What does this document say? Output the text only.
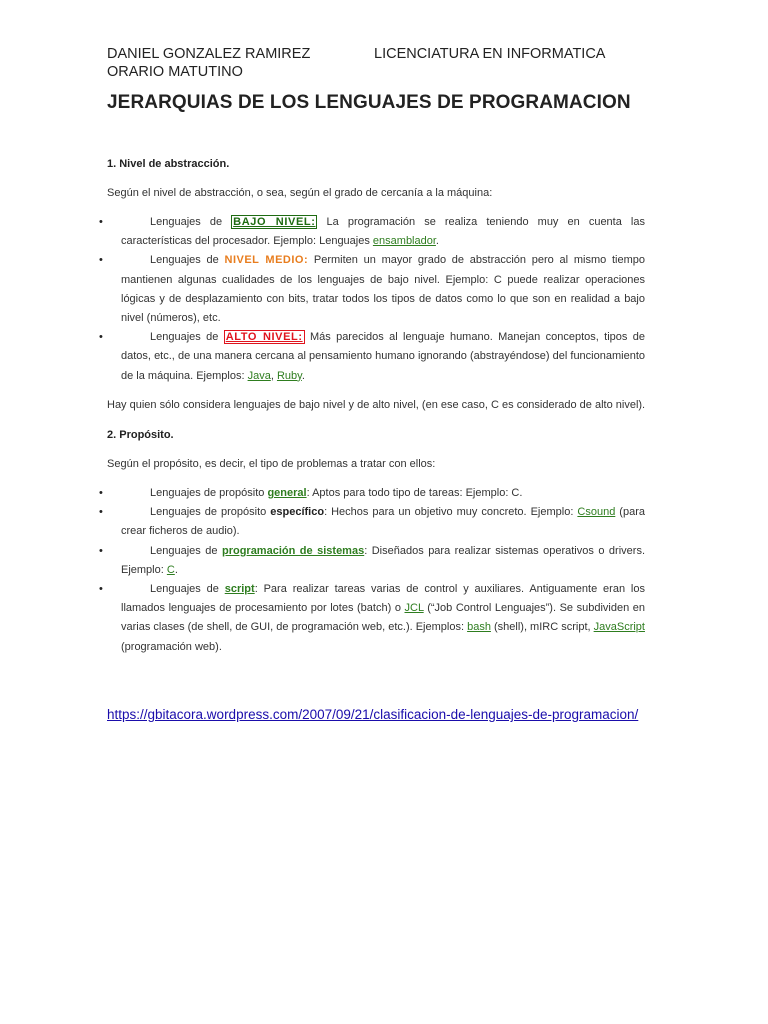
DANIEL GONZALEZ RAMIREZ	LICENCIATURA EN INFORMATICA
ORARIO MATUTINO
JERARQUIAS DE LOS LENGUAJES DE PROGRAMACION
1. Nivel de abstracción.
Según el nivel de abstracción, o sea, según el grado de cercanía a la máquina:
•	Lenguajes de BAJO NIVEL: La programación se realiza teniendo muy en cuenta las características del procesador. Ejemplo: Lenguajes ensamblador.
•	Lenguajes de NIVEL MEDIO: Permiten un mayor grado de abstracción pero al mismo tiempo mantienen algunas cualidades de los lenguajes de bajo nivel. Ejemplo: C puede realizar operaciones lógicas y de desplazamiento con bits, tratar todos los tipos de datos como lo que son en realidad a bajo nivel (números), etc.
•	Lenguajes de ALTO NIVEL: Más parecidos al lenguaje humano. Manejan conceptos, tipos de datos, etc., de una manera cercana al pensamiento humano ignorando (abstrayéndose) del funcionamiento de la máquina. Ejemplos: Java, Ruby.
Hay quien sólo considera lenguajes de bajo nivel y de alto nivel, (en ese caso, C es considerado de alto nivel).
2. Propósito.
Según el propósito, es decir, el tipo de problemas a tratar con ellos:
•	Lenguajes de propósito general: Aptos para todo tipo de tareas: Ejemplo: C.
•	Lenguajes de propósito específico: Hechos para un objetivo muy concreto. Ejemplo: Csound (para crear ficheros de audio).
•	Lenguajes de programación de sistemas: Diseñados para realizar sistemas operativos o drivers. Ejemplo: C.
•	Lenguajes de script: Para realizar tareas varias de control y auxiliares. Antiguamente eran los llamados lenguajes de procesamiento por lotes (batch) o JCL (“Job Control Lenguajes”). Se subdividen en varias clases (de shell, de GUI, de programación web, etc.). Ejemplos: bash (shell), mIRC script, JavaScript (programación web).
https://gbitacora.wordpress.com/2007/09/21/clasificacion-de-lenguajes-de-programacion/
